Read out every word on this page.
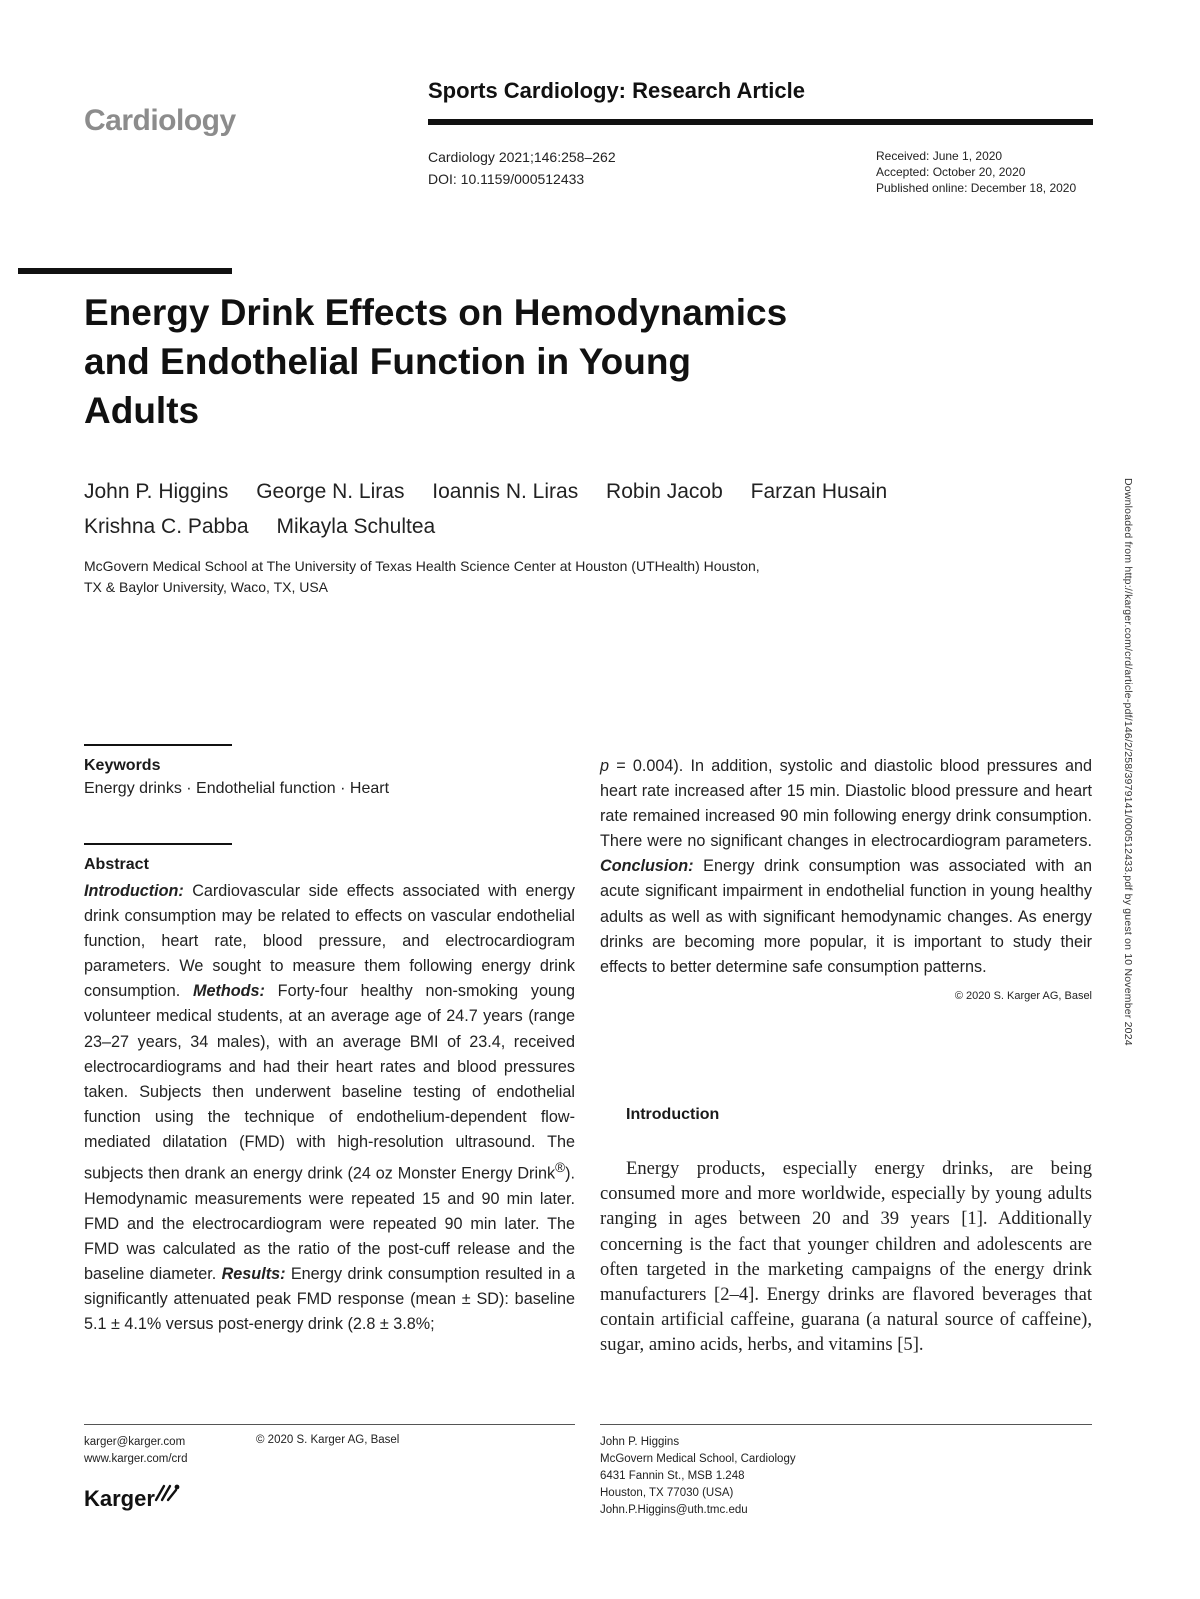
Cardiology
Sports Cardiology: Research Article
Cardiology 2021;146:258–262
DOI: 10.1159/000512433
Received: June 1, 2020
Accepted: October 20, 2020
Published online: December 18, 2020
Energy Drink Effects on Hemodynamics
and Endothelial Function in Young
Adults
John P. Higgins George N. Liras Ioannis N. Liras Robin Jacob Farzan Husain
Krishna C. Pabba Mikayla Schultea
McGovern Medical School at The University of Texas Health Science Center at Houston (UTHealth) Houston,
TX & Baylor University, Waco, TX, USA	Downloaded from http://karger.com/crd/article-pdf/146/2/258/3979141/000512433.pdf by guest on 10 November 2024
Keywords
Energy drinks · Endothelial function · Heart
Abstract
Introduction: Cardiovascular side effects associated with energy drink consumption may be related to effects on vascular endothelial function, heart rate, blood pressure, and electrocardiogram parameters. We sought to measure them following energy drink consumption. Methods: Forty-four healthy non-smoking young volunteer medical students, at an average age of 24.7 years (range 23–27 years, 34 males), with an average BMI of 23.4, received electrocardiograms and had their heart rates and blood pressures taken. Subjects then underwent baseline testing of endothelial function using the technique of endothelium-dependent flow-mediated dilatation (FMD) with high-resolution ultrasound. The subjects then drank an energy drink (24 oz Monster Energy Drink®). Hemodynamic measurements were repeated 15 and 90 min later. FMD and the electrocardiogram were repeated 90 min later. The FMD was calculated as the ratio of the post-cuff release and the baseline diameter. Results: Energy drink consumption resulted in a significantly attenuated peak FMD response (mean ± SD): baseline 5.1 ± 4.1% versus post-energy drink (2.8 ± 3.8%;
p = 0.004). In addition, systolic and diastolic blood pressures and heart rate increased after 15 min. Diastolic blood pressure and heart rate remained increased 90 min following energy drink consumption. There were no significant changes in electrocardiogram parameters. Conclusion: Energy drink consumption was associated with an acute significant impairment in endothelial function in young healthy adults as well as with significant hemodynamic changes. As energy drinks are becoming more popular, it is important to study their effects to better determine safe consumption patterns.
© 2020 S. Karger AG, Basel
Introduction
Energy products, especially energy drinks, are being consumed more and more worldwide, especially by young adults ranging in ages between 20 and 39 years [1]. Additionally concerning is the fact that younger children and adolescents are often targeted in the marketing campaigns of the energy drink manufacturers [2–4]. Energy drinks are flavored beverages that contain artificial caffeine, guarana (a natural source of caffeine), sugar, amino acids, herbs, and vitamins [5].
karger@karger.com
www.karger.com/crd
© 2020 S. Karger AG, Basel
Karger
John P. Higgins
McGovern Medical School, Cardiology
6431 Fannin St., MSB 1.248
Houston, TX 77030 (USA)
John.P.Higgins@uth.tmc.edu
